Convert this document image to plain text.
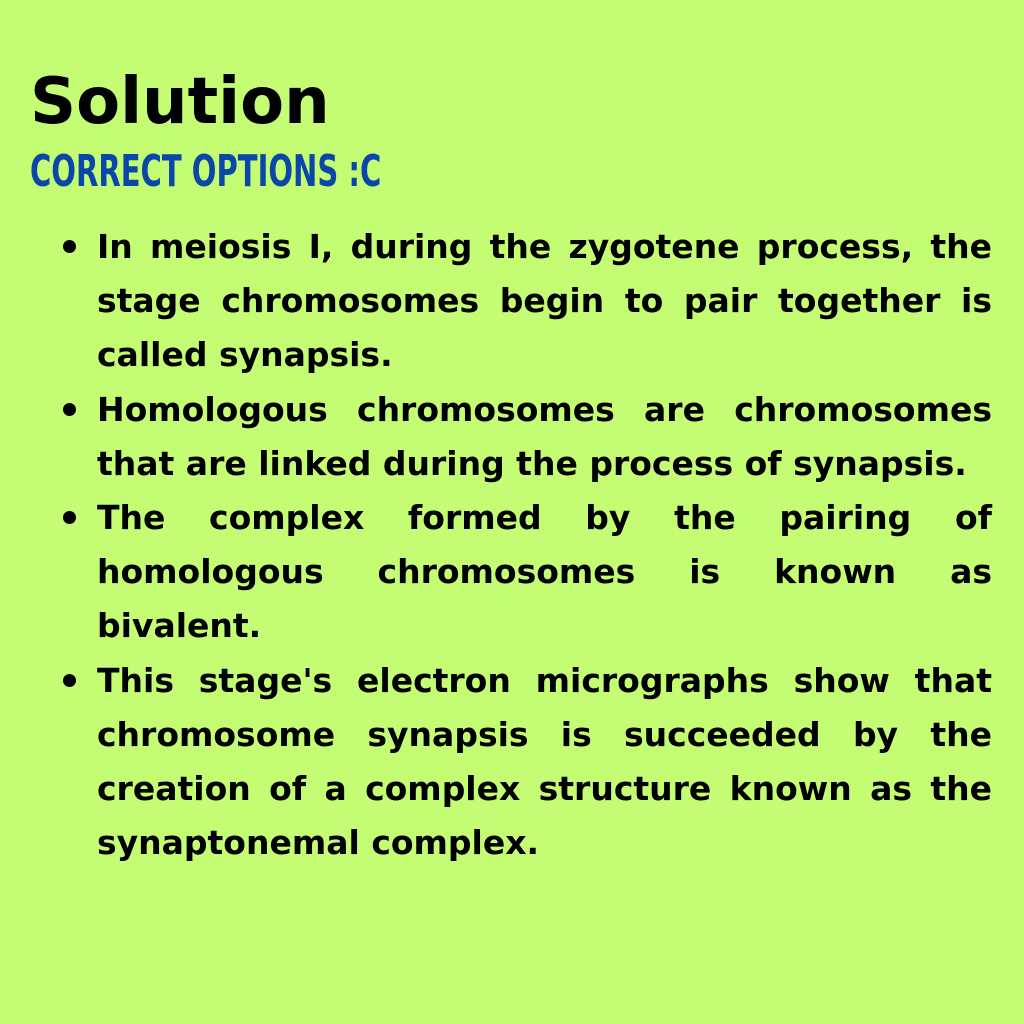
Solution
CORRECT OPTIONS :C
In meiosis I, during the zygotene process, the stage chromosomes begin to pair together is called synapsis.
Homologous chromosomes are chromosomes that are linked during the process of synapsis.
The complex formed by the pairing of homologous chromosomes is known as bivalent.
This stage's electron micrographs show that chromosome synapsis is succeeded by the creation of a complex structure known as the synaptonemal complex.
